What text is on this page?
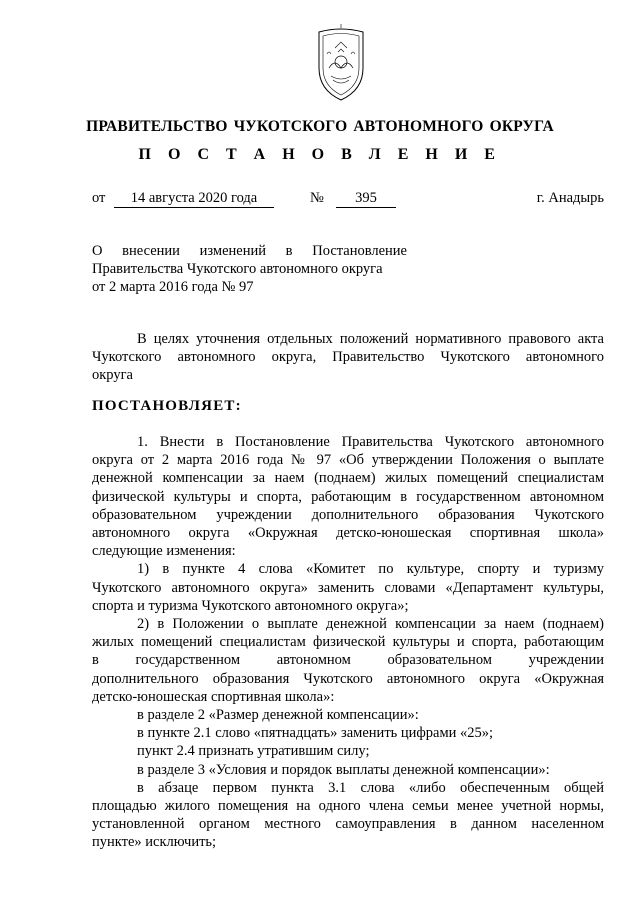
ПРАВИТЕЛЬСТВО ЧУКОТСКОГО АВТОНОМНОГО ОКРУГА
П О С Т А Н О В Л Е Н И Е
от	14 августа 2020 года	№	395	г. Анадырь
О внесении изменений в Постановление
Правительства Чукотского автономного округа
от 2 марта 2016 года № 97
В целях уточнения отдельных положений нормативного правового акта
Чукотского автономного округа, Правительство Чукотского автономного
округа
ПОСТАНОВЛЯЕТ:
1. Внести в Постановление Правительства Чукотского автономного
округа от 2 марта 2016 года № 97 «Об утверждении Положения о выплате
денежной компенсации за наем (поднаем) жилых помещений специалистам
физической культуры и спорта, работающим в государственном автономном
образовательном учреждении дополнительного образования Чукотского
автономного округа «Окружная детско-юношеская спортивная школа»
следующие изменения:
1) в пункте 4 слова «Комитет по культуре, спорту и туризму
Чукотского автономного округа» заменить словами «Департамент культуры,
спорта и туризма Чукотского автономного округа»;
2) в Положении о выплате денежной компенсации за наем (поднаем)
жилых помещений специалистам физической культуры и спорта, работающим
в государственном автономном образовательном учреждении
дополнительного образования Чукотского автономного округа «Окружная
детско-юношеская спортивная школа»:
в разделе 2 «Размер денежной компенсации»:
в пункте 2.1 слово «пятнадцать» заменить цифрами «25»;
пункт 2.4 признать утратившим силу;
в разделе 3 «Условия и порядок выплаты денежной компенсации»:
в абзаце первом пункта 3.1 слова «либо обеспеченным общей
площадью жилого помещения на одного члена семьи менее учетной нормы,
установленной органом местного самоуправления в данном населенном
пункте» исключить;
